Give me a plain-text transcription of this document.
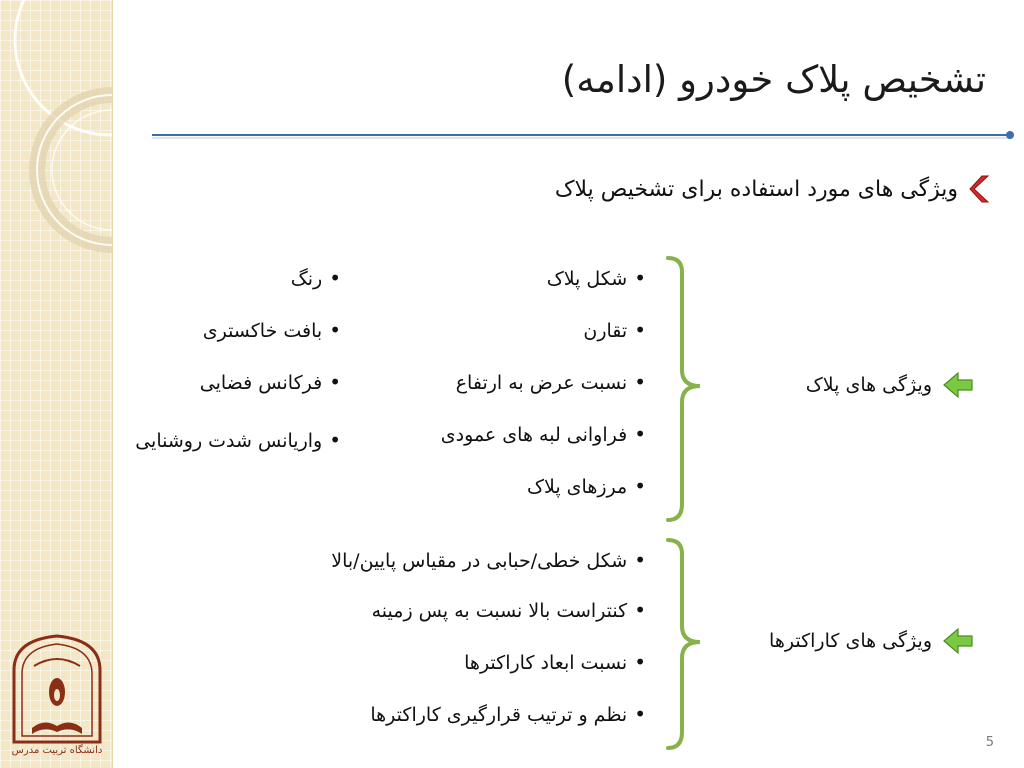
دانشگاه تربیت مدرس
تشخیص پلاک خودرو (ادامه)
ویژگی های مورد استفاده برای تشخیص پلاک
ویژگی های پلاک
• شکل پلاک
• تقارن
• نسبت عرض به ارتفاع
• فراوانی لبه های عمودی
• مرزهای پلاک
• رنگ
• بافت خاکستری
• فرکانس فضایی
• واریانس شدت روشنایی
ویژگی های کاراکترها
• شکل خطی/حبابی در مقیاس پایین/بالا
• کنتراست بالا نسبت به پس زمینه
• نسبت ابعاد کاراکترها
• نظم و ترتیب قرارگیری کاراکترها
5
